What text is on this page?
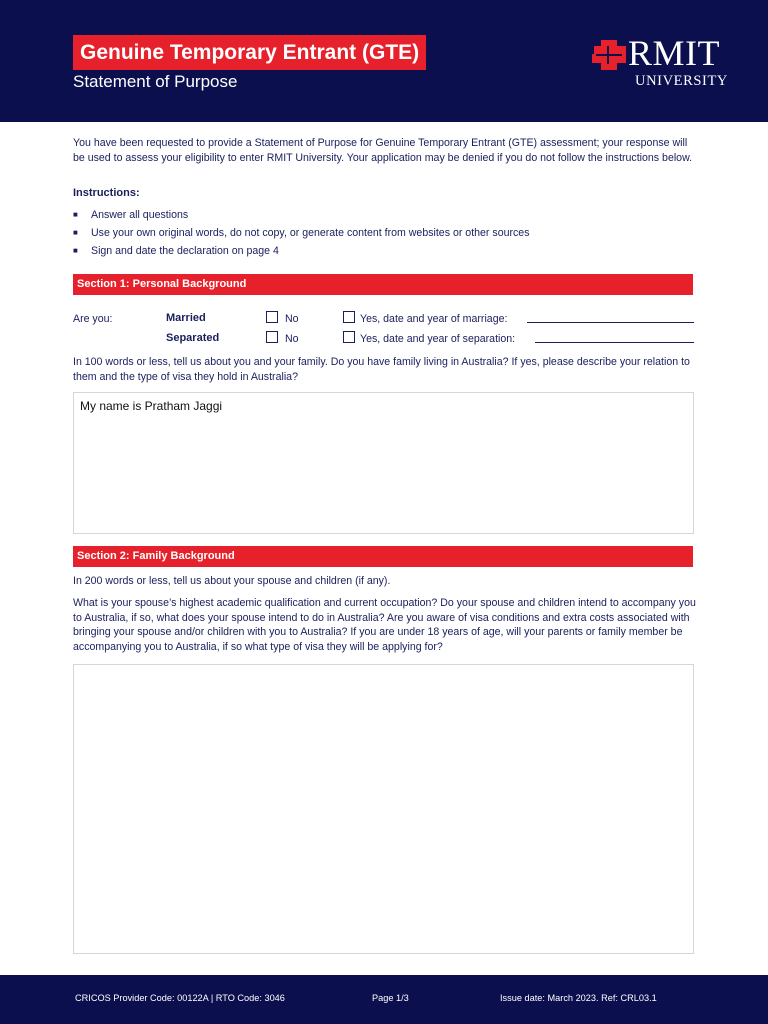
Genuine Temporary Entrant (GTE)
Statement of Purpose
RMIT
UNIVERSITY
You have been requested to provide a Statement of Purpose for Genuine Temporary Entrant (GTE) assessment; your response will be used to assess your eligibility to enter RMIT University. Your application may be denied if you do not follow the instructions below.
Instructions:
■	Answer all questions
■	Use your own original words, do not copy, or generate content from websites or other sources
■	Sign and date the declaration on page 4
Section 1: Personal Background
Are you:	Married	No	Yes, date and year of marriage:
Separated	No	Yes, date and year of separation:
In 100 words or less, tell us about you and your family. Do you have family living in Australia? If yes, please describe your relation to them and the type of visa they hold in Australia?
My name is Pratham Jaggi
Section 2: Family Background
In 200 words or less, tell us about your spouse and children (if any).
What is your spouse’s highest academic qualification and current occupation? Do your spouse and children intend to accompany you to Australia, if so, what does your spouse intend to do in Australia? Are you aware of visa conditions and extra costs associated with bringing your spouse and/or children with you to Australia? If you are under 18 years of age, will your parents or family member be accompanying you to Australia, if so what type of visa they will be applying for?
CRICOS Provider Code: 00122A | RTO Code: 3046	Page 1/3	Issue date: March 2023. Ref: CRL03.1
